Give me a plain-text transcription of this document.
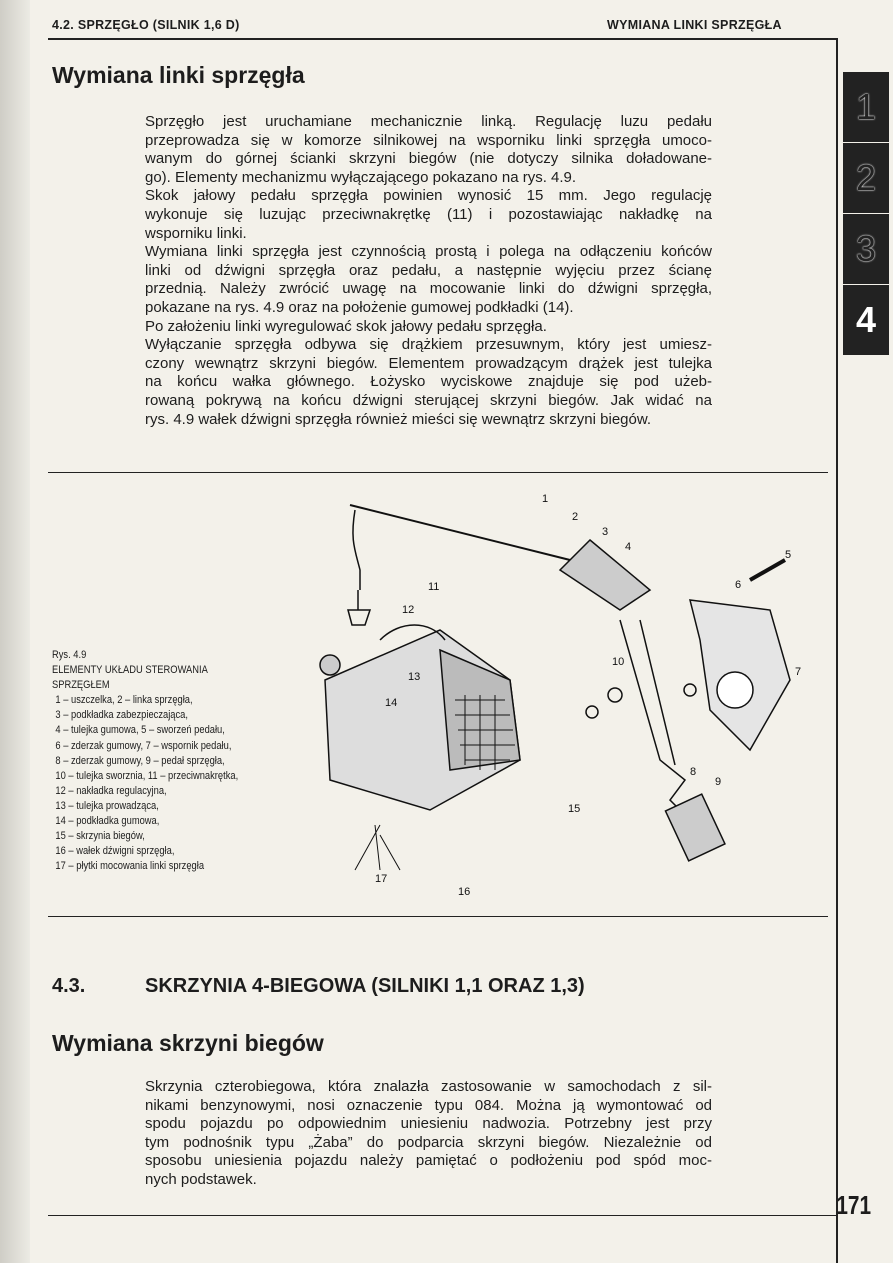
4.2. SPRZĘGŁO (SILNIK 1,6 D)	WYMIANA LINKI SPRZĘGŁA
Wymiana linki sprzęgła
Sprzęgło jest uruchamiane mechanicznie linką. Regulację luzu pedału
przeprowadza się w komorze silnikowej na wsporniku linki sprzęgła umoco-
wanym do górnej ścianki skrzyni biegów (nie dotyczy silnika doładowane-
go). Elementy mechanizmu wyłączającego pokazano na rys. 4.9.
Skok jałowy pedału sprzęgła powinien wynosić 15 mm. Jego regulację
wykonuje się luzując przeciwnakrętkę (11) i pozostawiając nakładkę na
wsporniku linki.
Wymiana linki sprzęgła jest czynnością prostą i polega na odłączeniu końców
linki od dźwigni sprzęgła oraz pedału, a następnie wyjęciu przez ścianę
przednią. Należy zwrócić uwagę na mocowanie linki do dźwigni sprzęgła,
pokazane na rys. 4.9 oraz na położenie gumowej podkładki (14).
Po założeniu linki wyregulować skok jałowy pedału sprzęgła.
Wyłączanie sprzęgła odbywa się drążkiem przesuwnym, który jest umiesz-
czony wewnątrz skrzyni biegów. Elementem prowadzącym drążek jest tulejka
na końcu wałka głównego. Łożysko wyciskowe znajduje się pod użeb-
rowaną pokrywą na końcu dźwigni sterującej skrzyni biegów. Jak widać na
rys. 4.9 wałek dźwigni sprzęgła również mieści się wewnątrz skrzyni biegów.
Rys. 4.9
ELEMENTY UKŁADU STEROWANIA
SPRZĘGŁEM
1 – uszczelka, 2 – linka sprzęgła,
3 – podkładka zabezpieczająca,
4 – tulejka gumowa, 5 – sworzeń pedału,
6 – zderzak gumowy, 7 – wspornik pedału,
8 – zderzak gumowy, 9 – pedał sprzęgła,
10 – tulejka sworznia, 11 – przeciwnakrętka,
12 – nakładka regulacyjna,
13 – tulejka prowadząca,
14 – podkładka gumowa,
15 – skrzynia biegów,
16 – wałek dźwigni sprzęgła,
17 – płytki mocowania linki sprzęgła
1
2
3
4
5
6
7
8
9
10
11
12
13
14
15
16
17
4.3.	SKRZYNIA 4-BIEGOWA (SILNIKI 1,1 ORAZ 1,3)
Wymiana skrzyni biegów
Skrzynia czterobiegowa, która znalazła zastosowanie w samochodach z sil-
nikami benzynowymi, nosi oznaczenie typu 084. Można ją wymontować od
spodu pojazdu po odpowiednim uniesieniu nadwozia. Potrzebny jest przy
tym podnośnik typu „Żaba” do podparcia skrzyni biegów. Niezależnie od
sposobu uniesienia pojazdu należy pamiętać o podłożeniu pod spód moc-
nych podstawek.
1
2
3
4
171
